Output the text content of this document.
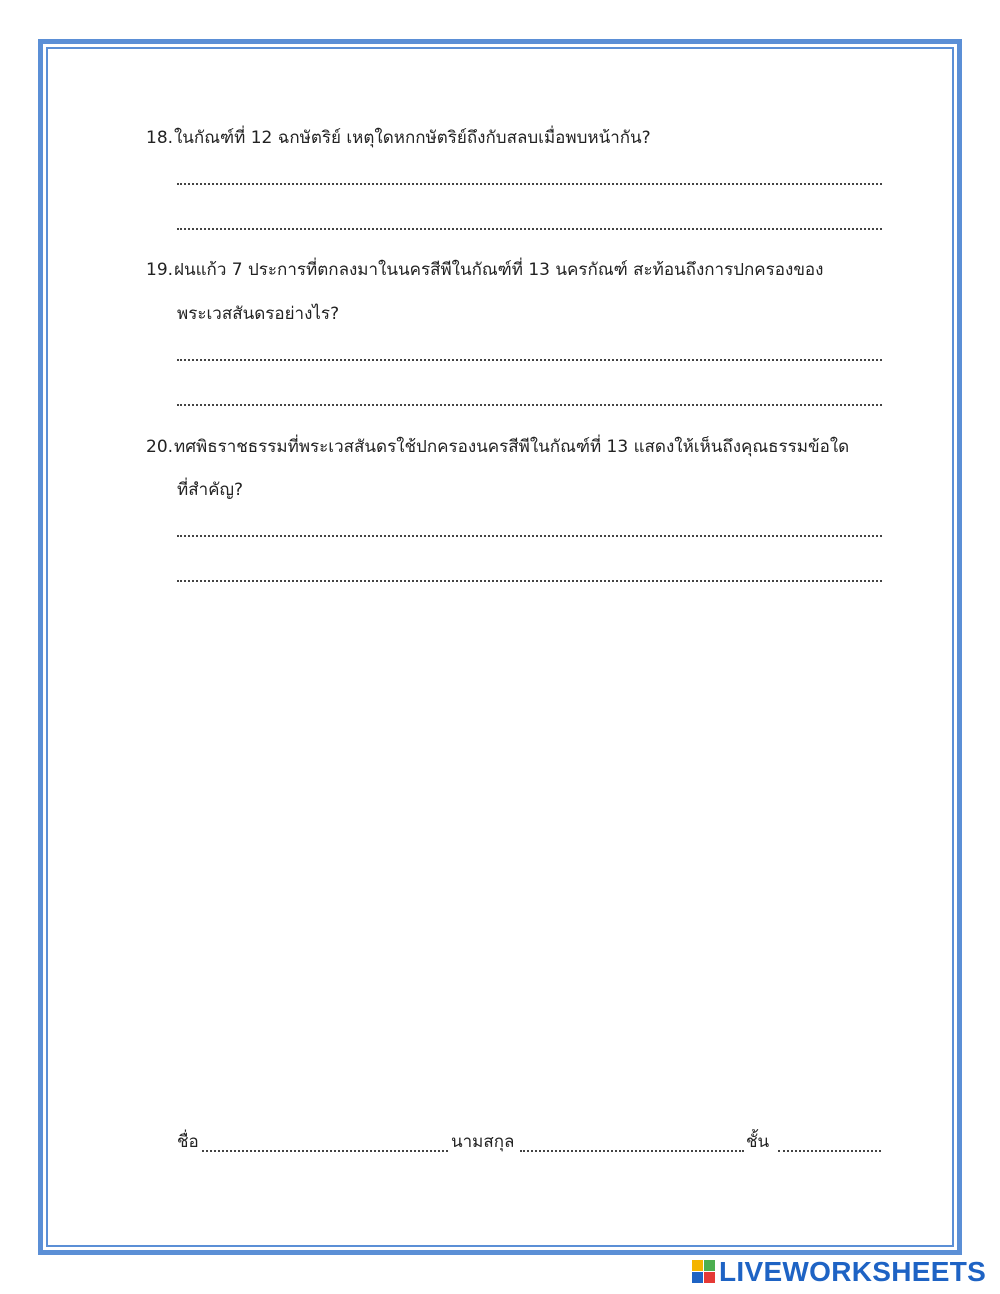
18.ในกัณฑ์ที่ 12 ฉกษัตริย์ เหตุใดหกกษัตริย์ถึงกับสลบเมื่อพบหน้ากัน?
19.ฝนแก้ว 7 ประการที่ตกลงมาในนครสีพีในกัณฑ์ที่ 13 นครกัณฑ์ สะท้อนถึงการปกครองของ
พระเวสสันดรอย่างไร?
20.ทศพิธราชธรรมที่พระเวสสันดรใช้ปกครองนครสีพีในกัณฑ์ที่ 13 แสดงให้เห็นถึงคุณธรรมข้อใด
ที่สำคัญ?
ชื่อ	นามสกุล	ชั้น
LIVEWORKSHEETS
